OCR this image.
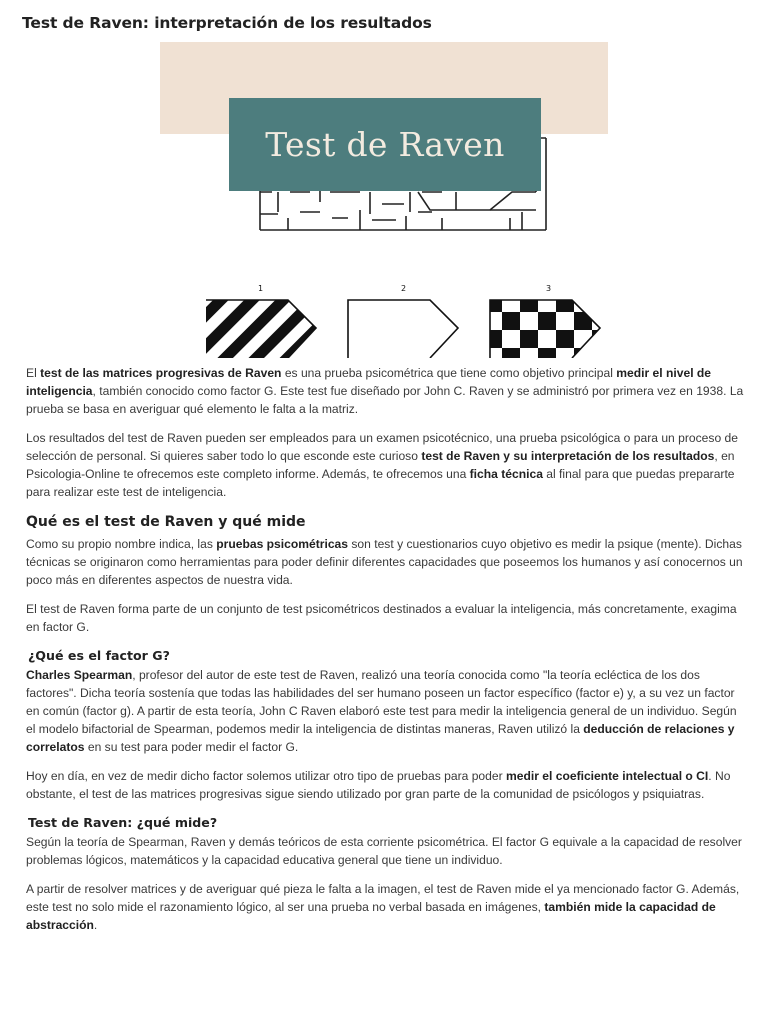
Test de Raven: interpretación de los resultados
1	2	3
Test de Raven

El test de las matrices progresivas de Raven es una prueba psicométrica que tiene como objetivo principal medir el nivel de inteligencia, también conocido como factor G. Este test fue diseñado por John C. Raven y se administró por primera vez en 1938. La prueba se basa en averiguar qué elemento le falta a la matriz.

Los resultados del test de Raven pueden ser empleados para un examen psicotécnico, una prueba psicológica o para un proceso de selección de personal. Si quieres saber todo lo que esconde este curioso test de Raven y su interpretación de los resultados, en Psicologia-Online te ofrecemos este completo informe. Además, te ofrecemos una ficha técnica al final para que puedas prepararte para realizar este test de inteligencia.

Qué es el test de Raven y qué mide

Como su propio nombre indica, las pruebas psicométricas son test y cuestionarios cuyo objetivo es medir la psique (mente). Dichas técnicas se originaron como herramientas para poder definir diferentes capacidades que poseemos los humanos y así conocernos un poco más en diferentes aspectos de nuestra vida.

El test de Raven forma parte de un conjunto de test psicométricos destinados a evaluar la inteligencia, más concretamente, exagima en factor G.

¿Qué es el factor G?

Charles Spearman, profesor del autor de este test de Raven, realizó una teoría conocida como "la teoría ecléctica de los dos factores". Dicha teoría sostenía que todas las habilidades del ser humano poseen un factor específico (factor e) y, a su vez un factor en común (factor g). A partir de esta teoría, John C Raven elaboró este test para medir la inteligencia general de un individuo. Según el modelo bifactorial de Spearman, podemos medir la inteligencia de distintas maneras, Raven utilizó la deducción de relaciones y correlatos en su test para poder medir el factor G.

Hoy en día, en vez de medir dicho factor solemos utilizar otro tipo de pruebas para poder medir el coeficiente intelectual o CI. No obstante, el test de las matrices progresivas sigue siendo utilizado por gran parte de la comunidad de psicólogos y psiquiatras.

Test de Raven: ¿qué mide?

Según la teoría de Spearman, Raven y demás teóricos de esta corriente psicométrica. El factor G equivale a la capacidad de resolver problemas lógicos, matemáticos y la capacidad educativa general que tiene un individuo.

A partir de resolver matrices y de averiguar qué pieza le falta a la imagen, el test de Raven mide el ya mencionado factor G. Además, este test no solo mide el razonamiento lógico, al ser una prueba no verbal basada en imágenes, también mide la capacidad de abstracción.
